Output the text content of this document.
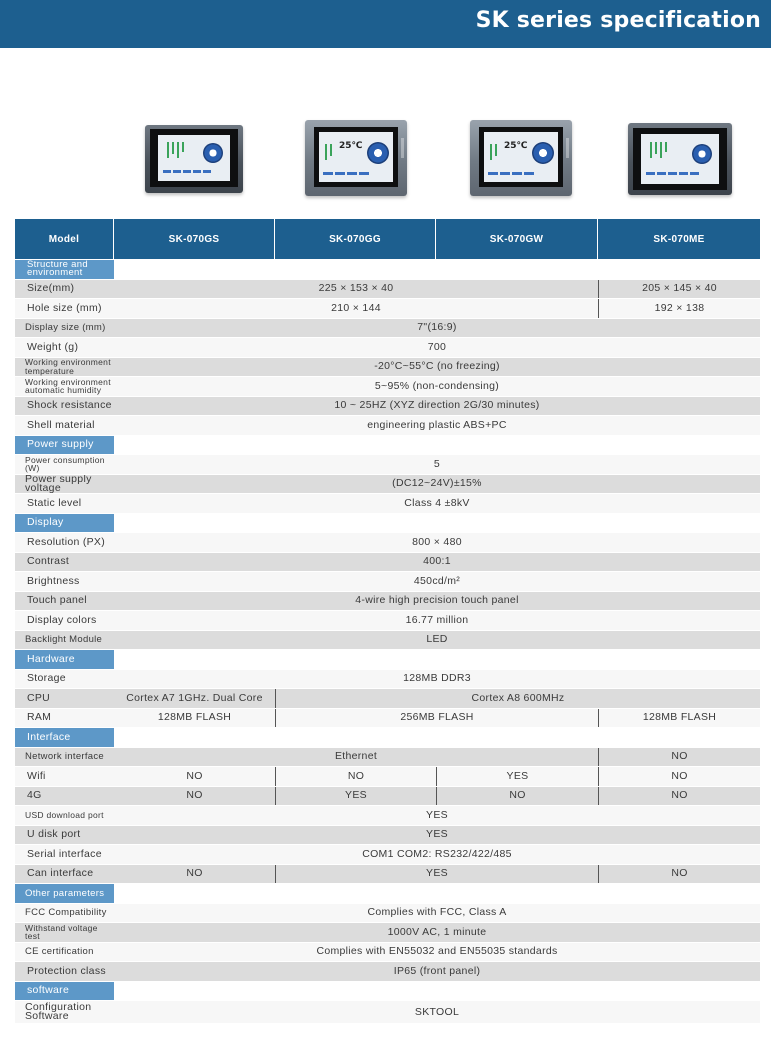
SK series specification
25℃	25℃
Model	SK-070GS	SK-070GG	SK-070GW	SK-070ME
Structure and environment				
Size(mm)	225 × 153 × 40			205 × 145 × 40
Hole size (mm)	210 × 144			192 × 138
Display size (mm)	7"(16:9)			
Weight (g)	700			
Working environment temperature	-20°C~55°C (no freezing)			
Working environment automatic humidity	5~95% (non-condensing)			
Shock resistance	10 ~ 25HZ (XYZ direction 2G/30 minutes)			
Shell material	engineering plastic ABS+PC			
Power supply				
Power consumption (W)	5			
Power supply voltage	(DC12~24V)±15%			
Static level	Class 4 ±8kV			
Display				
Resolution (PX)	800 × 480			
Contrast	400:1			
Brightness	450cd/m²			
Touch panel	4-wire high precision touch panel			
Display colors	16.77 million			
Backlight Module	LED			
Hardware				
Storage	128MB DDR3			
CPU	Cortex A7 1GHz. Dual Core	Cortex A8 600MHz		
RAM	128MB FLASH	256MB FLASH		128MB FLASH
Interface				
Network interface	Ethernet			NO
Wifi	NO	NO	YES	NO
4G	NO	YES	NO	NO
USD download port	YES			
U disk port	YES			
Serial interface	COM1 COM2: RS232/422/485			
Can interface	NO	YES		NO
Other parameters				
FCC Compatibility	Complies with FCC, Class A			
Withstand voltage test	1000V AC, 1 minute			
CE certification	Complies with EN55032 and EN55035 standards			
Protection class	IP65 (front panel)			
software				
Configuration Software	SKTOOL			
